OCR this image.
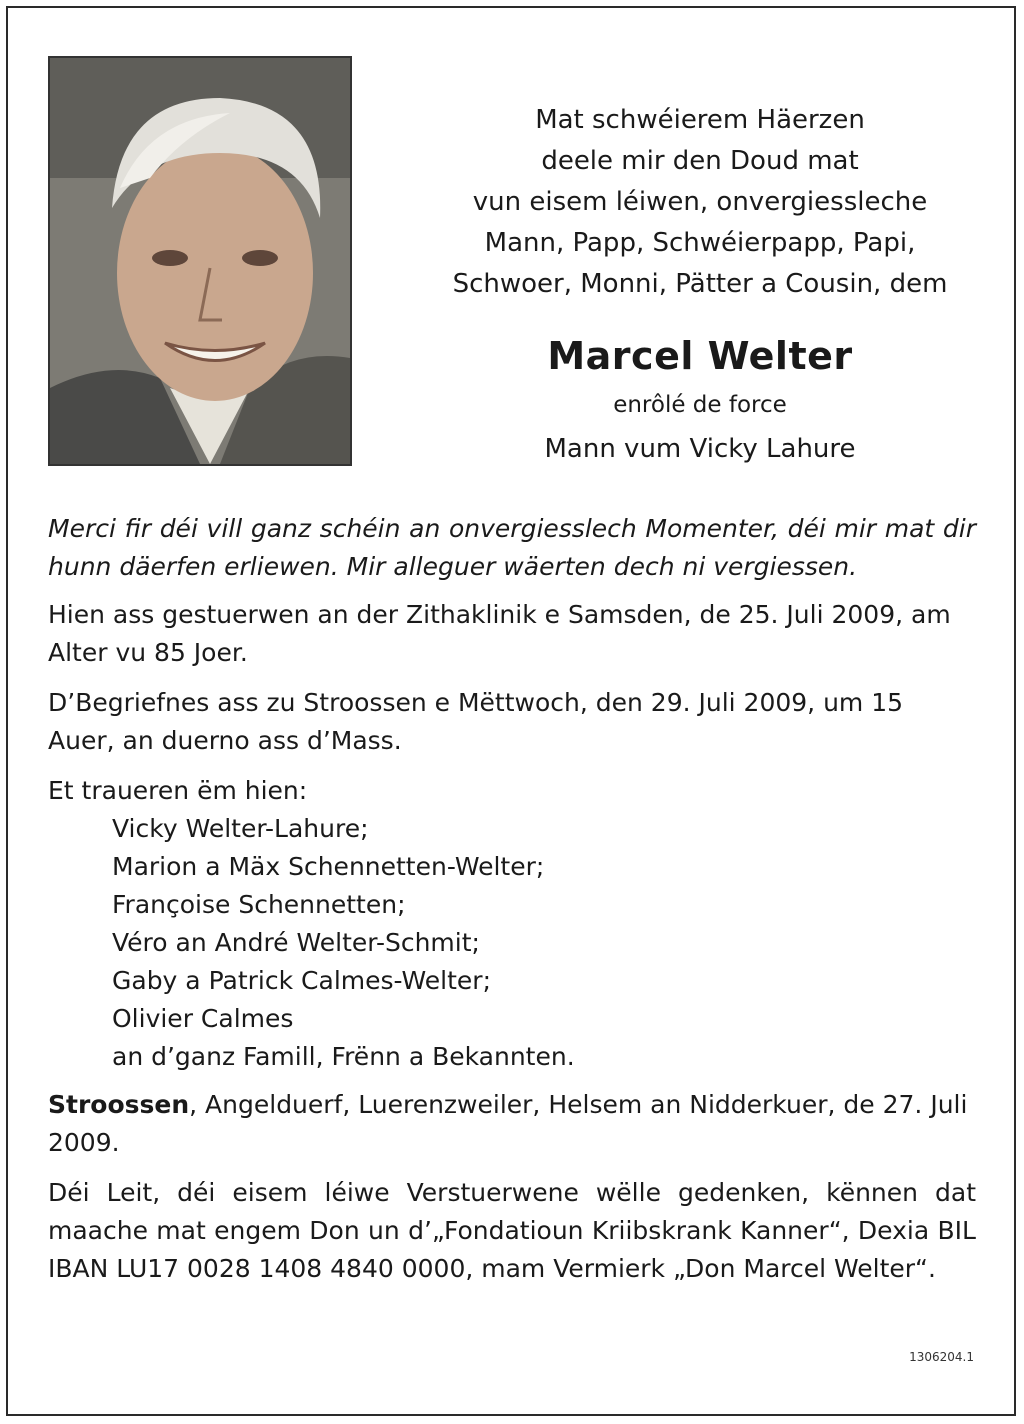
Mat schwéierem Häerzen
deele mir den Doud mat
vun eisem léiwen, onvergiessleche
Mann, Papp, Schwéierpapp, Papi,
Schwoer, Monni, Pätter a Cousin, dem
Marcel Welter
enrôlé de force
Mann vum Vicky Lahure

Merci fir déi vill ganz schéin an onvergiesslech Momenter, déi mir mat dir hunn däerfen erliewen. Mir alleguer wäerten dech ni vergiessen.

Hien ass gestuerwen an der Zithaklinik e Samsden, de 25. Juli 2009, am Alter vu 85 Joer.

D’Begriefnes ass zu Stroossen e Mëttwoch, den 29. Juli 2009, um 15 Auer, an duerno ass d’Mass.

Et traueren ëm hien:
Vicky Welter-Lahure;
Marion a Mäx Schennetten-Welter;
Françoise Schennetten;
Véro an André Welter-Schmit;
Gaby a Patrick Calmes-Welter;
Olivier Calmes
an d’ganz Famill, Frënn a Bekannten.

Stroossen, Angelduerf, Luerenzweiler, Helsem an Nidderkuer, de 27. Juli 2009.

Déi Leit, déi eisem léiwe Verstuerwene wëlle gedenken, kënnen dat maache mat engem Don un d’„Fondatioun Kriibskrank Kanner“, Dexia BIL IBAN LU17 0028 1408 4840 0000, mam Vermierk „Don Marcel Welter“.

1306204.1
